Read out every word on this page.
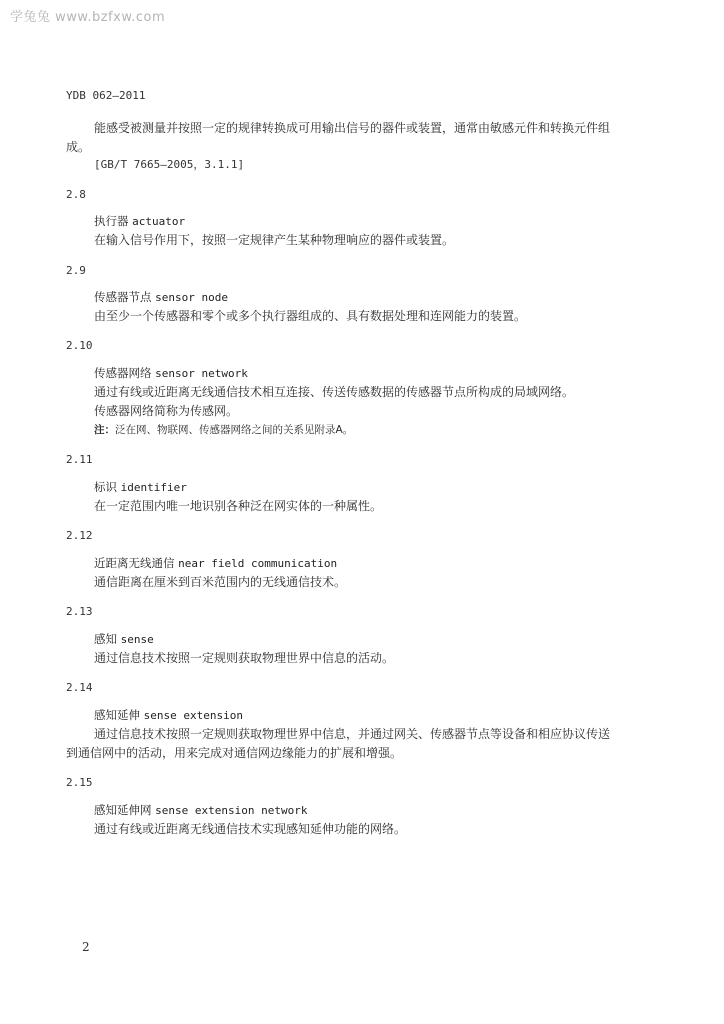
学兔兔 www.bzfxw.com
YDB 062—2011
能感受被测量并按照一定的规律转换成可用输出信号的器件或装置，通常由敏感元件和转换元件组
成。
[GB/T 7665—2005，3.1.1]
2.8
执行器 actuator
在输入信号作用下，按照一定规律产生某种物理响应的器件或装置。
2.9
传感器节点 sensor node
由至少一个传感器和零个或多个执行器组成的、具有数据处理和连网能力的装置。
2.10
传感器网络 sensor network
通过有线或近距离无线通信技术相互连接、传送传感数据的传感器节点所构成的局域网络。
传感器网络简称为传感网。
注：泛在网、物联网、传感器网络之间的关系见附录A。
2.11
标识 identifier
在一定范围内唯一地识别各种泛在网实体的一种属性。
2.12
近距离无线通信 near field communication
通信距离在厘米到百米范围内的无线通信技术。
2.13
感知 sense
通过信息技术按照一定规则获取物理世界中信息的活动。
2.14
感知延伸 sense extension
通过信息技术按照一定规则获取物理世界中信息，并通过网关、传感器节点等设备和相应协议传送
到通信网中的活动，用来完成对通信网边缘能力的扩展和增强。
2.15
感知延伸网 sense extension network
通过有线或近距离无线通信技术实现感知延伸功能的网络。
2
